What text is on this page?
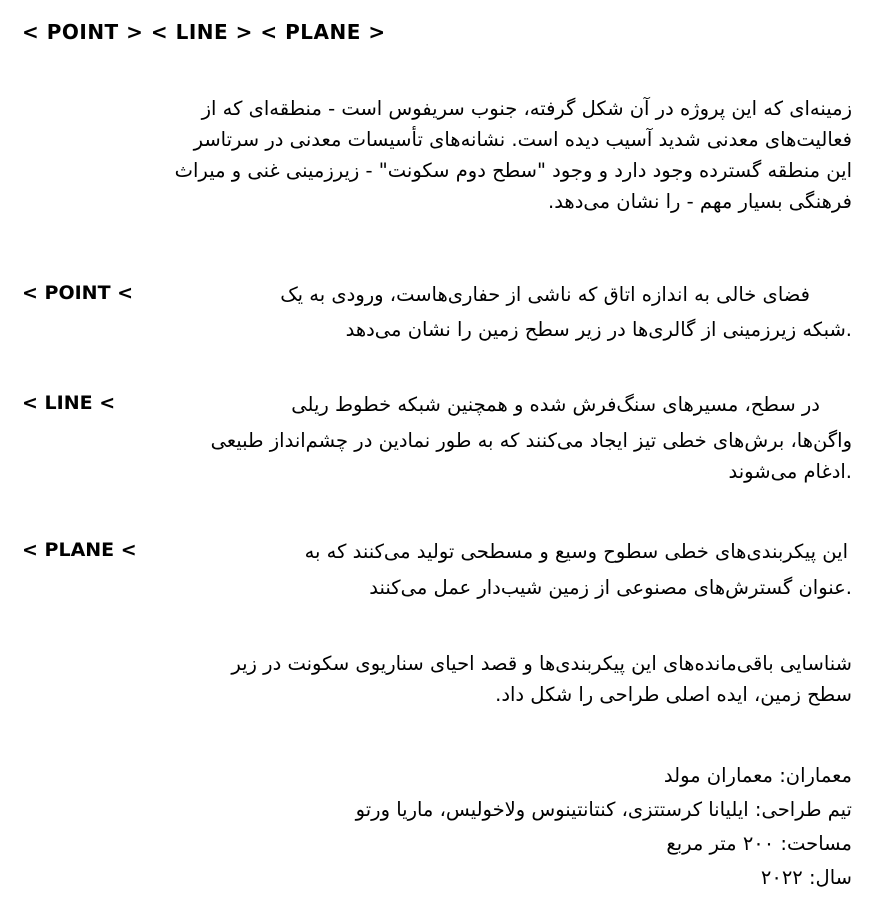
< POINT > < LINE > < PLANE >
زمینه‌ای که این پروژه در آن شکل گرفته، جنوب سریفوس است - منطقه‌ای که از
فعالیت‌های معدنی شدید آسیب دیده است. نشانه‌های تأسیسات معدنی در سرتاسر
این منطقه گسترده وجود دارد و وجود "سطح دوم سکونت" - زیرزمینی غنی و میراث
فرهنگی بسیار مهم - را نشان می‌دهد.
< POINT <	فضای خالی به اندازه اتاق که ناشی از حفاری‌هاست، ورودی به یک
.شبکه زیرزمینی از گالری‌ها در زیر سطح زمین را نشان می‌دهد
< LINE <	در سطح، مسیرهای سنگ‌فرش شده و همچنین شبکه خطوط ریلی
واگن‌ها، برش‌های خطی تیز ایجاد می‌کنند که به طور نمادین در چشم‌انداز طبیعی
.ادغام می‌شوند
< PLANE <	این پیکربندی‌های خطی سطوح وسیع و مسطحی تولید می‌کنند که به
.عنوان گسترش‌های مصنوعی از زمین شیب‌دار عمل می‌کنند
شناسایی باقی‌مانده‌های این پیکربندی‌ها و قصد احیای سناریوی سکونت در زیر
سطح زمین، ایده اصلی طراحی را شکل داد.
معماران: معماران مولد
تیم طراحی: ایلیانا کرستتزی، کنتانتینوس ولاخولیس، ماریا ورتو
مساحت: ۲۰۰ متر مربع
سال: ۲۰۲۲
